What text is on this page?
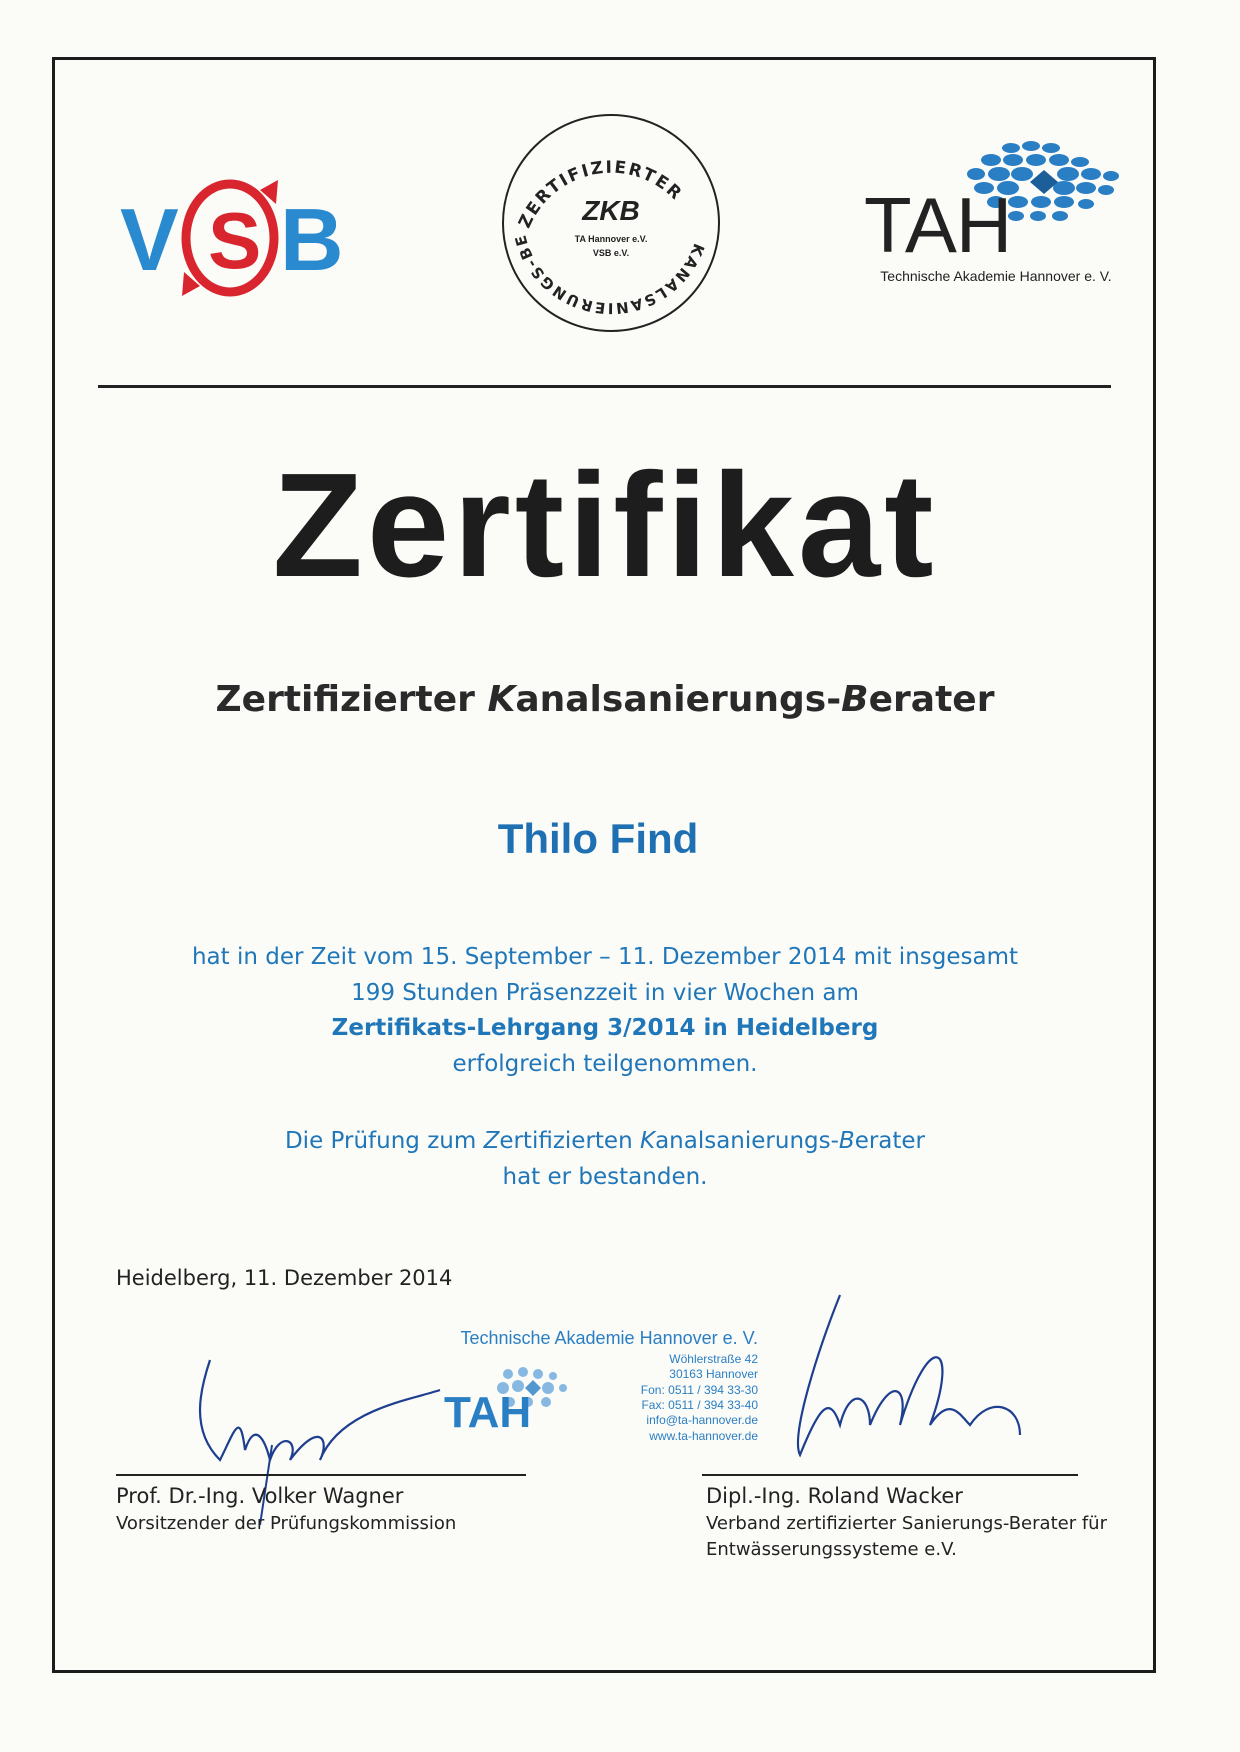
V S B	ZERTIFIZIERTER
KANALSANIERUNGS-BE
ZKB
TA Hannover e.V.
VSB e.V.	TAH
Technische Akademie Hannover e. V.
Zertifikat
Zertifizierter Kanalsanierungs-Berater
Thilo Find
hat in der Zeit vom 15. September – 11. Dezember 2014 mit insgesamt
199 Stunden Präsenzzeit in vier Wochen am
Zertifikats-Lehrgang 3/2014 in Heidelberg
erfolgreich teilgenommen.
Die Prüfung zum Zertifizierten Kanalsanierungs-Berater
hat er bestanden.
Heidelberg, 11. Dezember 2014
Technische Akademie Hannover e. V.
Wöhlerstraße 42
30163 Hannover
Fon: 0511 / 394 33-30
Fax: 0511 / 394 33-40
info@ta-hannover.de
www.ta-hannover.de
TAH
Prof. Dr.-Ing. Volker Wagner
Vorsitzender der Prüfungskommission
Dipl.-Ing. Roland Wacker
Verband zertifizierter Sanierungs-Berater für
Entwässerungssysteme e.V.
